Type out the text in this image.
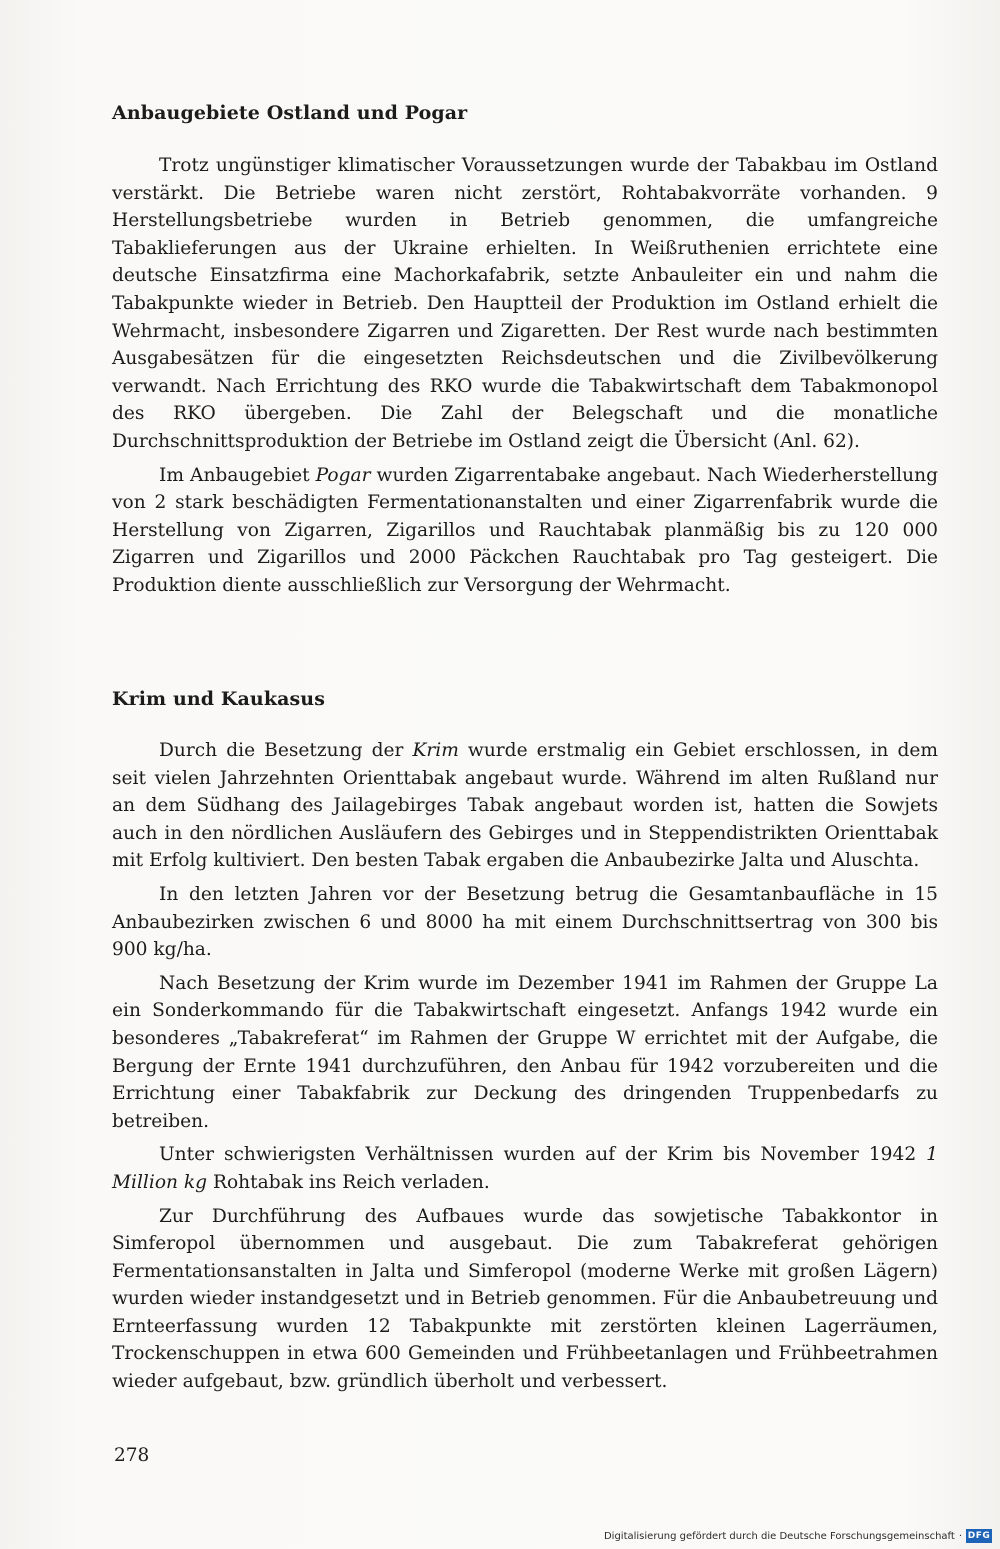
Anbaugebiete Ostland und Pogar

Trotz ungünstiger klimatischer Voraussetzungen wurde der Tabakbau im Ostland verstärkt. Die Betriebe waren nicht zerstört, Rohtabakvorräte vorhanden. 9 Herstellungsbetriebe wurden in Betrieb genommen, die umfangreiche Tabaklieferungen aus der Ukraine erhielten. In Weißruthenien errichtete eine deutsche Einsatzfirma eine Machorkafabrik, setzte Anbauleiter ein und nahm die Tabakpunkte wieder in Betrieb. Den Hauptteil der Produktion im Ostland erhielt die Wehrmacht, insbesondere Zigarren und Zigaretten. Der Rest wurde nach bestimmten Ausgabesätzen für die eingesetzten Reichsdeutschen und die Zivilbevölkerung verwandt. Nach Errichtung des RKO wurde die Tabakwirtschaft dem Tabakmonopol des RKO übergeben. Die Zahl der Belegschaft und die monatliche Durchschnittsproduktion der Betriebe im Ostland zeigt die Übersicht (Anl. 62).

Im Anbaugebiet Pogar wurden Zigarrentabake angebaut. Nach Wiederherstellung von 2 stark beschädigten Fermentationanstalten und einer Zigarrenfabrik wurde die Herstellung von Zigarren, Zigarillos und Rauchtabak planmäßig bis zu 120 000 Zigarren und Zigarillos und 2000 Päckchen Rauchtabak pro Tag gesteigert. Die Produktion diente ausschließlich zur Versorgung der Wehrmacht.

Krim und Kaukasus

Durch die Besetzung der Krim wurde erstmalig ein Gebiet erschlossen, in dem seit vielen Jahrzehnten Orienttabak angebaut wurde. Während im alten Rußland nur an dem Südhang des Jailagebirges Tabak angebaut worden ist, hatten die Sowjets auch in den nördlichen Ausläufern des Gebirges und in Steppendistrikten Orienttabak mit Erfolg kultiviert. Den besten Tabak ergaben die Anbaubezirke Jalta und Aluschta.

In den letzten Jahren vor der Besetzung betrug die Gesamtanbaufläche in 15 Anbaubezirken zwischen 6 und 8000 ha mit einem Durchschnittsertrag von 300 bis 900 kg/ha.

Nach Besetzung der Krim wurde im Dezember 1941 im Rahmen der Gruppe La ein Sonderkommando für die Tabakwirtschaft eingesetzt. Anfangs 1942 wurde ein besonderes „Tabakreferat“ im Rahmen der Gruppe W errichtet mit der Aufgabe, die Bergung der Ernte 1941 durchzuführen, den Anbau für 1942 vorzubereiten und die Errichtung einer Tabakfabrik zur Deckung des dringenden Truppenbedarfs zu betreiben.

Unter schwierigsten Verhältnissen wurden auf der Krim bis November 1942 1 Million kg Rohtabak ins Reich verladen.

Zur Durchführung des Aufbaues wurde das sowjetische Tabakkontor in Simferopol übernommen und ausgebaut. Die zum Tabakreferat gehörigen Fermentationsanstalten in Jalta und Simferopol (moderne Werke mit großen Lägern) wurden wieder instandgesetzt und in Betrieb genommen. Für die Anbaubetreuung und Ernteerfassung wurden 12 Tabakpunkte mit zerstörten kleinen Lagerräumen, Trockenschuppen in etwa 600 Gemeinden und Frühbeetanlagen und Frühbeetrahmen wieder aufgebaut, bzw. gründlich überholt und verbessert.

278
Digitalisierung gefördert durch die Deutsche Forschungsgemeinschaft · DFG
